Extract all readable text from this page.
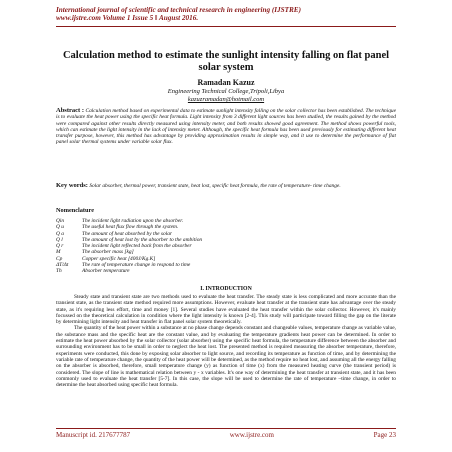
International journal of scientific and technical research in engineering (IJSTRE)
www.ijstre.com Volume 1 Issue 5 ǁ August 2016.
Calculation method to estimate the sunlight intensity falling on flat panel solar system
Ramadan Kazuz
Engineering Technical College,Tripoli,Libya
kazuzramadan@hotmail.com
Abstract : Calculation method based on experimental data to estimate sunlight intensity falling on the solar collector has been established. The technique is to evaluate the heat power using the specific heat formula. Light intensity from 3 different light sources has been studied, the results gained by the method were compared against other results directly measured using intensity meter, and both results showed good agreement. The method shows powerful tools, which can estimate the light intensity in the lack of intensity meter. Although, the specific heat formula has been used previously for estimating different heat transfer purpose, however, this method has advantage by providing approximation results in simple way, and it use to determine the performance of flat panel solar thermal systems under variable solar flux.
Key words: Solar absorber, thermal power, transient state, heat lost, specific heat formula, the rate of temperature- time change.
Nomenclature
Qin	The incident light radiation upon the absorber.
Q u	The useful heat flux flow through the system.
Q a	The amount of heat absorbed by the solar
Q l	The amount of heat lost by the absorber to the ambition
Q r	The incident light reflected back from the absorber
M	The absorber mass [kg]
Cp	Copper specific heat [400J/Kg.K]
ΔT/Δt	The rate of temperature change in respond to time
Th	Absorber temperature
I. INTRODUCTION

Steady state and transient state are two methods used to evaluate the heat transfer. The steady state is less complicated and more accurate than the transient state, as the transient state method required more assumptions. However, evaluate heat transfer at the transient state has advantage over the steady state, as it's requiring less effort, time and money [1]. Several studies have evaluated the heat transfer within the solar collector. However, it's mainly focussed on the theoretical calculation in condition where the light intensity is known [2-4]. This study will participate toward filling the gap on the literate by determining light intensity and heat transfer in flat panel solar system theoretically.

The quantity of the heat power within a substance at no phase change depends constant and changeable values, temperature change as variable value, the substance mass and the specific heat are the constant value, and by evaluating the temperature gradients heat power can be determined. In order to estimate the heat power absorbed by the solar collector (solar absorber) using the specific heat formula, the temperature difference between the absorber and surrounding environment has to be small in order to neglect the heat lost. The presented method is required measuring the absorber temperature, therefore, experiments were conducted, this done by exposing solar absorber to light source, and recording its temperature as function of time, and by determining the variable rate of temperature change, the quantity of the heat power will be determined, as the method require no heat lost, and assuming all the energy falling on the absorber is absorbed, therefore, small temperature change (y) as function of time (x) from the measured heating curve (the transient period) is considered. The slope of line is mathematical relation between y - x variables. It's one way of determining the heat transfer at transient state, and it has been commonly used to evaluate the heat transfer [5-7]. In this case, the slope will be used to determine the rate of temperature –time change, in order to determine the heat absorbed using specific heat formula.

Manuscript id. 217677787	www.ijstre.com	Page 23
